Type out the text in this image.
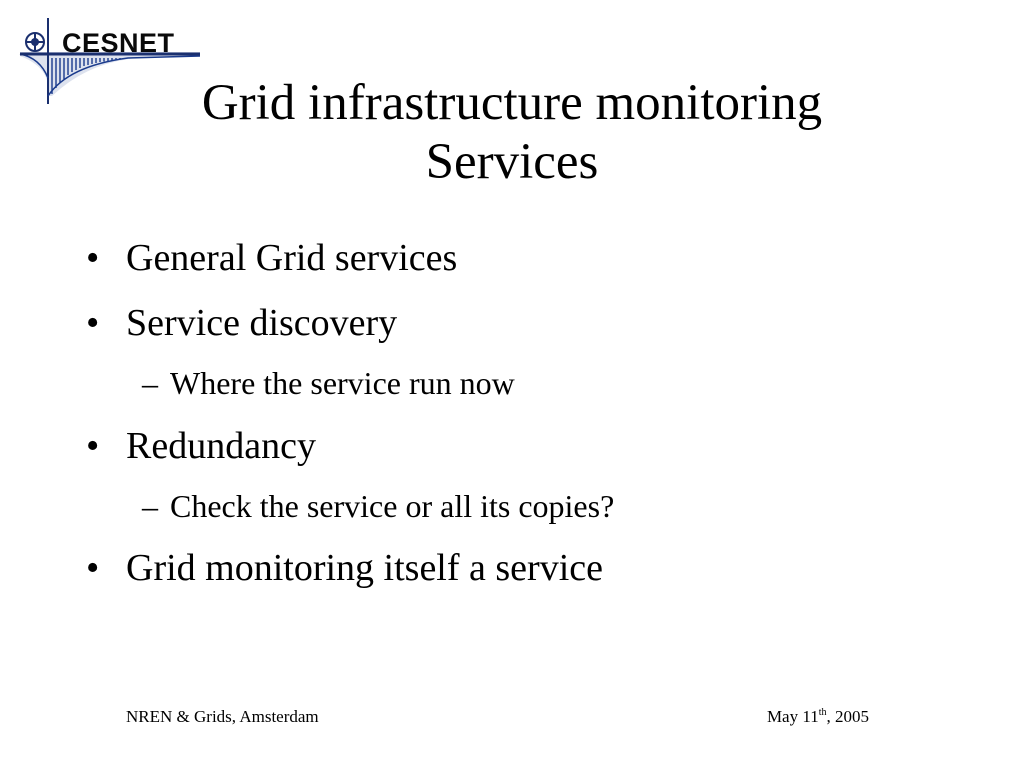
CESNET
Grid infrastructure monitoring
Services
• General Grid services
• Service discovery
– Where the service run now
• Redundancy
– Check the service or all its copies?
• Grid monitoring itself a service
NREN & Grids, Amsterdam	May 11th, 2005
